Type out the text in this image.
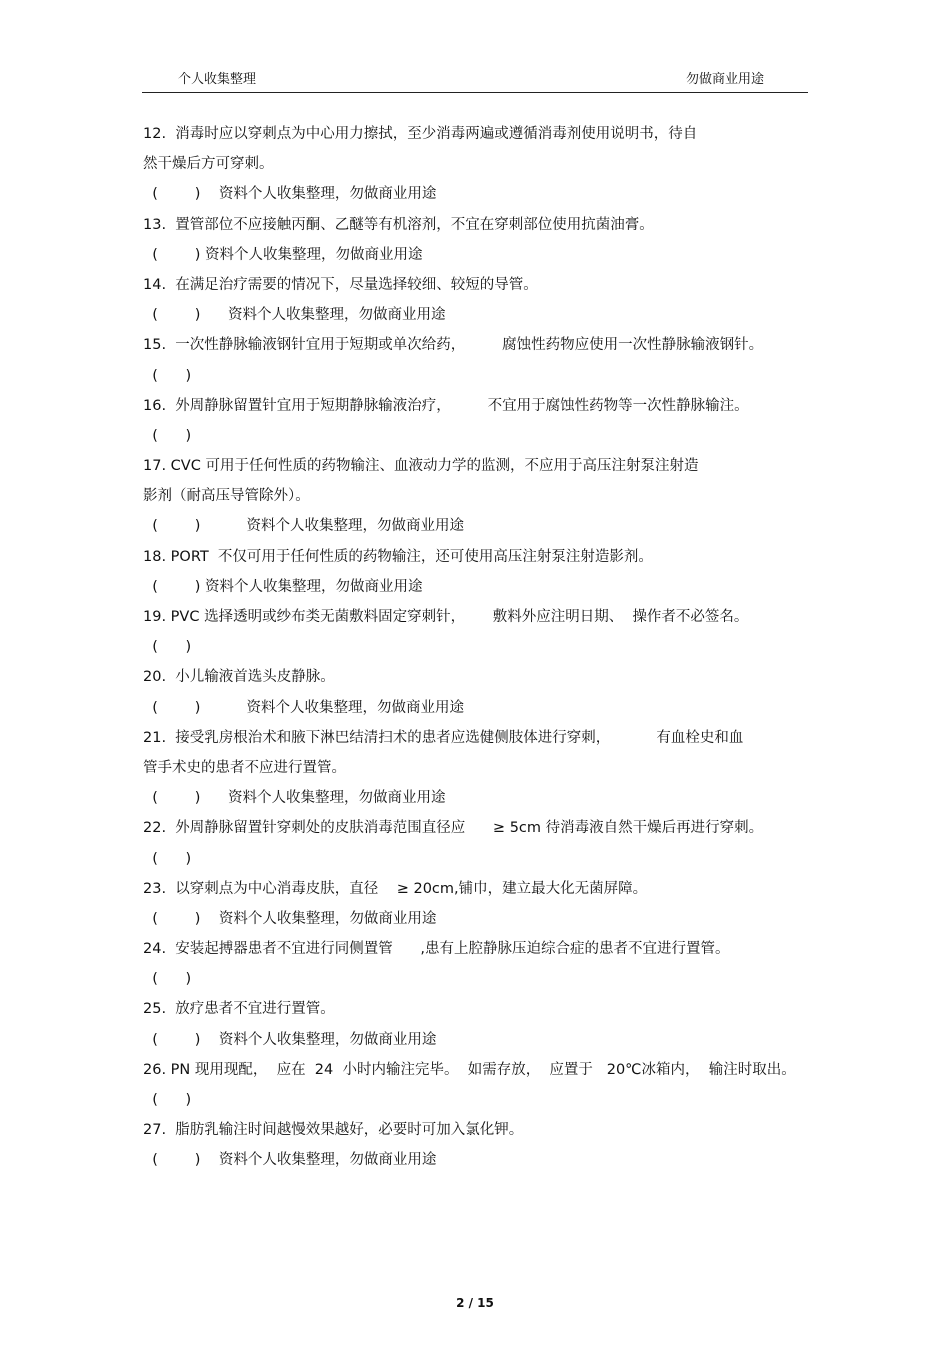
个人收集整理	勿做商业用途
12.  消毒时应以穿刺点为中心用力擦拭，至少消毒两遍或遵循消毒剂使用说明书，待自
然干燥后方可穿刺。
(        )    资料个人收集整理，勿做商业用途
13.  置管部位不应接触丙酮、乙醚等有机溶剂，不宜在穿刺部位使用抗菌油膏。
(        ) 资料个人收集整理，勿做商业用途
14.  在满足治疗需要的情况下，尽量选择较细、较短的导管。
(        )      资料个人收集整理，勿做商业用途
15.  一次性静脉输液钢针宜用于短期或单次给药，        腐蚀性药物应使用一次性静脉输液钢针。
(      )
16.  外周静脉留置针宜用于短期静脉输液治疗，        不宜用于腐蚀性药物等一次性静脉输注。
(      )
17. CVC 可用于任何性质的药物输注、血液动力学的监测，不应用于高压注射泵注射造
影剂（耐高压导管除外）。
(        )          资料个人收集整理，勿做商业用途
18. PORT  不仅可用于任何性质的药物输注，还可使用高压注射泵注射造影剂。
(        ) 资料个人收集整理，勿做商业用途
19. PVC 选择透明或纱布类无菌敷料固定穿刺针，      敷料外应注明日期、  操作者不必签名。
(      )
20.  小儿输液首选头皮静脉。
(        )          资料个人收集整理，勿做商业用途
21.  接受乳房根治术和腋下淋巴结清扫术的患者应选健侧肢体进行穿刺，          有血栓史和血
管手术史的患者不应进行置管。
(        )      资料个人收集整理，勿做商业用途
22.  外周静脉留置针穿刺处的皮肤消毒范围直径应      ≥ 5cm 待消毒液自然干燥后再进行穿刺。
(      )
23.  以穿刺点为中心消毒皮肤，直径    ≥ 20cm,铺巾，建立最大化无菌屏障。
(        )    资料个人收集整理，勿做商业用途
24.  安装起搏器患者不宜进行同侧置管      ,患有上腔静脉压迫综合症的患者不宜进行置管。
(      )
25.  放疗患者不宜进行置管。
(        )    资料个人收集整理，勿做商业用途
26. PN 现用现配，  应在  24  小时内输注完毕。  如需存放，  应置于   20℃冰箱内，  输注时取出。
(      )
27.  脂肪乳输注时间越慢效果越好，必要时可加入氯化钾。
(        )    资料个人收集整理，勿做商业用途
2 / 15
